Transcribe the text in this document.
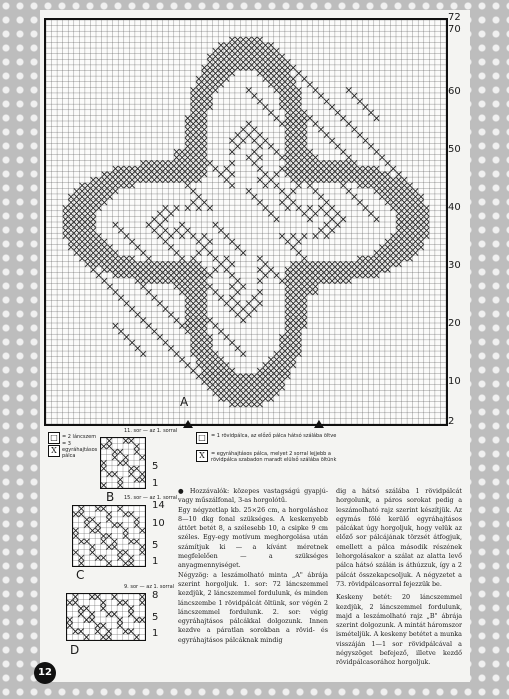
72
70
60
50
40
30
20
10
2
A
□ = 2 láncszem
= 3 egyráhajtásos pálca
X
□	= 1 rövidpálca, az előző pálca hátsó szálába öltve
X	= egyráhajtásos pálca, melyet 2 sorral lejjebb a rövidpálca szabadon maradt elülső szálába öltünk
11. sor — az 1. sorral
5
1
B 15. sor — az 1. sorral
14
10
5
1
C
9. sor — az 1. sorral
8
5
1
D

● Hozzávalók: közepes vastagságú gyapjú- vagy műszálfonal, 3-as horgolótű.

Egy négyzetlap kb. 25×26 cm, a horgoláshoz 8—10 dkg fonal szükséges. A keskenyebb áttört betét 8, a szélesebb 10, a csipke 9 cm széles. Egy-egy motívum meghorgolása után számítjuk ki — a kívánt méretnek megfelelően — a szükséges anyagmennyiséget.

Négyzög: a leszámolható minta „A" ábrája szerint horgoljuk. 1. sor: 72 láncszemmel kezdjük, 2 láncszemmel fordulunk, és minden láncszembe 1 rövidpálcát öltünk, sor végén 2 láncszemmel fordulunk. 2. sor: végig egyráhajtásos pálcákkal dolgozunk. Innen kezdve a páratlan sorokban a rövid- és egyráhajtásos pálcáknak mindig

dig a hátsó szálába 1 rövidpálcát horgolunk, a páros sorokat pedig a leszámolható rajz szerint készítjük. Az egymás fölé kerülő egyráhajtásos pálcákat úgy horgoljuk, hogy velük az előző sor pálcájának törzsét átfogjuk, emellett a pálca második részének lehorgolásakor a szálat az alatta levő pálca hátsó szálán is áthúzzuk, így a 2 pálcát összekapcsoljuk. A négyzetet a 73. rövidpálcasorral fejezzük be.

Keskeny betét: 20 láncszemmel kezdjük, 2 láncszemmel fordulunk, majd a leszámolható rajz „B" ábrája szerint dolgozunk. A mintát háromszor ismételjük. A keskeny betétet a munka visszáján 1—1 sor rövidpálcával a négyszöget befejező, illetve kezdő rövidpálcasorához horgoljuk.

12
